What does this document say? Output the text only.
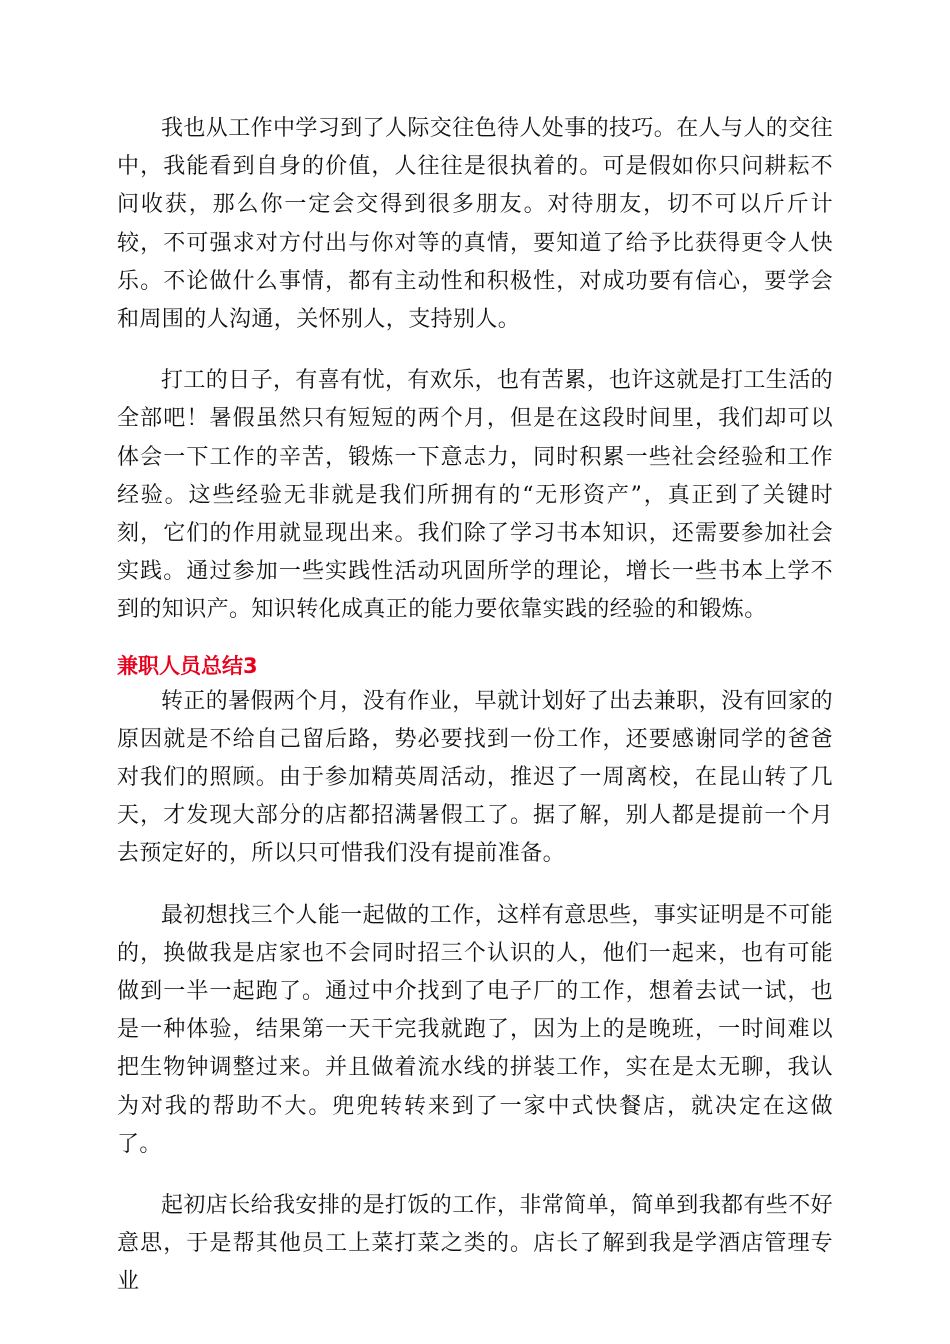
我也从工作中学习到了人际交往色待人处事的技巧。在人与人的交往中，我能看到自身的价值，人往往是很执着的。可是假如你只问耕耘不问收获，那么你一定会交得到很多朋友。对待朋友，切不可以斤斤计较，不可强求对方付出与你对等的真情，要知道了给予比获得更令人快乐。不论做什么事情，都有主动性和积极性，对成功要有信心，要学会和周围的人沟通，关怀别人，支持别人。

打工的日子，有喜有忧，有欢乐，也有苦累，也许这就是打工生活的全部吧！暑假虽然只有短短的两个月，但是在这段时间里，我们却可以体会一下工作的辛苦，锻炼一下意志力，同时积累一些社会经验和工作经验。这些经验无非就是我们所拥有的“无形资产”，真正到了关键时刻，它们的作用就显现出来。我们除了学习书本知识，还需要参加社会实践。通过参加一些实践性活动巩固所学的理论，增长一些书本上学不到的知识产。知识转化成真正的能力要依靠实践的经验的和锻炼。

兼职人员总结3

转正的暑假两个月，没有作业，早就计划好了出去兼职，没有回家的原因就是不给自己留后路，势必要找到一份工作，还要感谢同学的爸爸对我们的照顾。由于参加精英周活动，推迟了一周离校，在昆山转了几天，才发现大部分的店都招满暑假工了。据了解，别人都是提前一个月去预定好的，所以只可惜我们没有提前准备。

最初想找三个人能一起做的工作，这样有意思些，事实证明是不可能的，换做我是店家也不会同时招三个认识的人，他们一起来，也有可能做到一半一起跑了。通过中介找到了电子厂的工作，想着去试一试，也是一种体验，结果第一天干完我就跑了，因为上的是晚班，一时间难以把生物钟调整过来。并且做着流水线的拼装工作，实在是太无聊，我认为对我的帮助不大。兜兜转转来到了一家中式快餐店，就决定在这做了。

起初店长给我安排的是打饭的工作，非常简单，简单到我都有些不好意思，于是帮其他员工上菜打菜之类的。店长了解到我是学酒店管理专业
